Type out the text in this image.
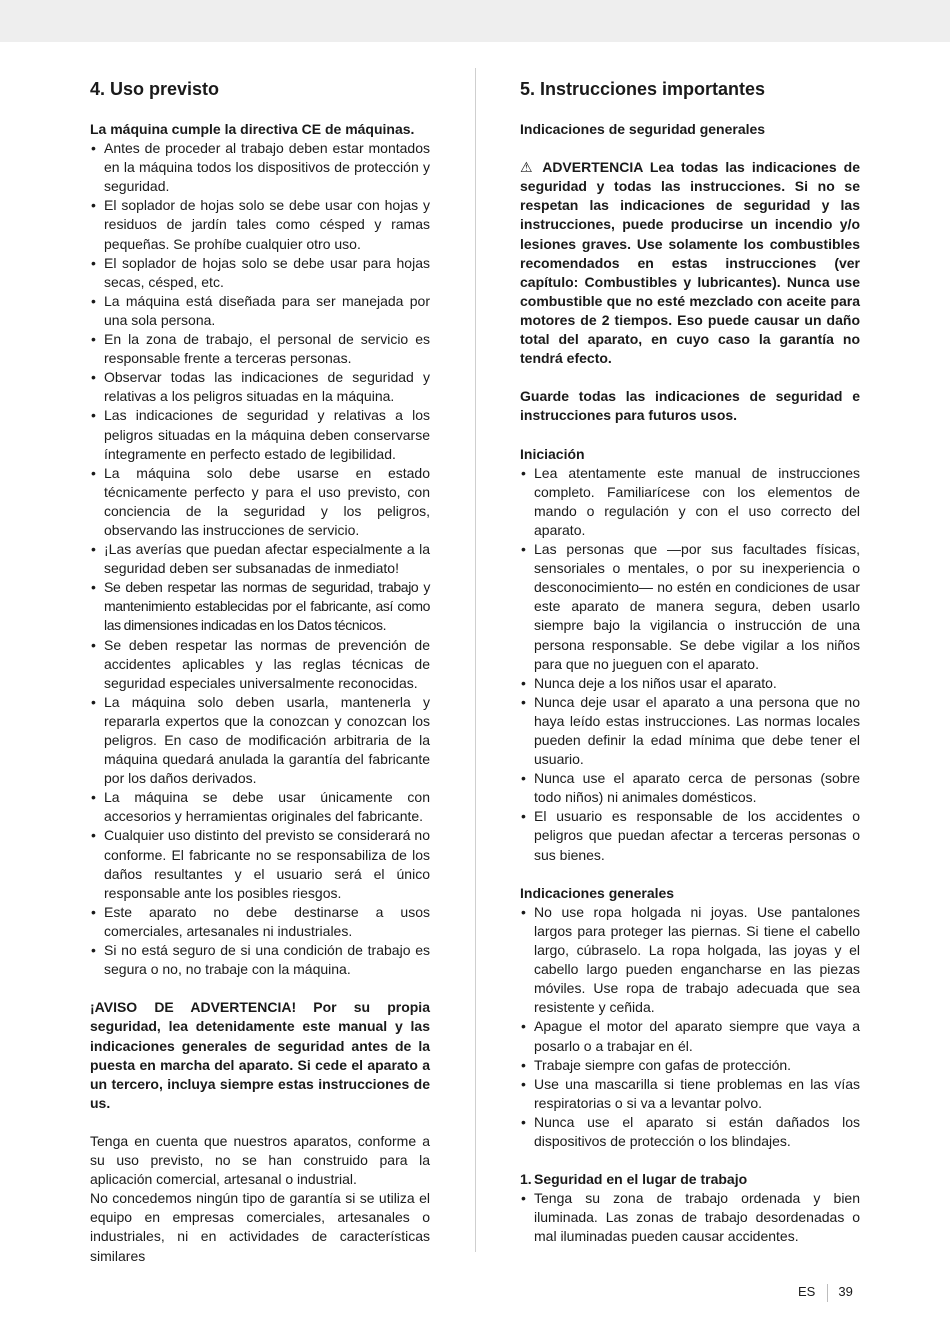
4. Uso previsto

La máquina cumple la directiva CE de máquinas.

• Antes de proceder al trabajo deben estar montados en la máquina todos los dispositivos de protección y seguridad.
• El soplador de hojas solo se debe usar con hojas y residuos de jardín tales como césped y ramas pequeñas. Se prohíbe cualquier otro uso.
• El soplador de hojas solo se debe usar para hojas secas, césped, etc.
• La máquina está diseñada para ser manejada por una sola persona.
• En la zona de trabajo, el personal de servicio es responsable frente a terceras personas.
• Observar todas las indicaciones de seguridad y relativas a los peligros situadas en la máquina.
• Las indicaciones de seguridad y relativas a los peligros situadas en la máquina deben conservarse íntegramente en perfecto estado de legibilidad.
• La máquina solo debe usarse en estado técnicamente perfecto y para el uso previsto, con conciencia de la seguridad y los peligros, observando las instrucciones de servicio.
• ¡Las averías que puedan afectar especialmente a la seguridad deben ser subsanadas de inmediato!
• Se deben respetar las normas de seguridad, trabajo y mantenimiento establecidas por el fabricante, así como las dimensiones indicadas en los Datos técnicos.
• Se deben respetar las normas de prevención de accidentes aplicables y las reglas técnicas de seguridad especiales universalmente reconocidas.
• La máquina solo deben usarla, mantenerla y repararla expertos que la conozcan y conozcan los peligros. En caso de modificación arbitraria de la máquina quedará anulada la garantía del fabricante por los daños derivados.
• La máquina se debe usar únicamente con accesorios y herramientas originales del fabricante.
• Cualquier uso distinto del previsto se considerará no conforme. El fabricante no se responsabiliza de los daños resultantes y el usuario será el único responsable ante los posibles riesgos.
• Este aparato no debe destinarse a usos comerciales, artesanales ni industriales.
• Si no está seguro de si una condición de trabajo es segura o no, no trabaje con la máquina.

¡AVISO DE ADVERTENCIA! Por su propia seguridad, lea detenidamente este manual y las indicaciones generales de seguridad antes de la puesta en marcha del aparato. Si cede el aparato a un tercero, incluya siempre estas instrucciones de us.

Tenga en cuenta que nuestros aparatos, conforme a su uso previsto, no se han construido para la aplicación comercial, artesanal o industrial.

No concedemos ningún tipo de garantía si se utiliza el equipo en empresas comerciales, artesanales o industriales, ni en actividades de características similares

5. Instrucciones importantes

Indicaciones de seguridad generales

⚠ ADVERTENCIA Lea todas las indicaciones de seguridad y todas las instrucciones. Si no se respetan las indicaciones de seguridad y las instrucciones, puede producirse un incendio y/o lesiones graves. Use solamente los combustibles recomendados en estas instrucciones (ver capítulo: Combustibles y lubricantes). Nunca use combustible que no esté mezclado con aceite para motores de 2 tiempos. Eso puede causar un daño total del aparato, en cuyo caso la garantía no tendrá efecto.

Guarde todas las indicaciones de seguridad e instrucciones para futuros usos.

Iniciación

• Lea atentamente este manual de instrucciones completo. Familiarícese con los elementos de mando o regulación y con el uso correcto del aparato.
• Las personas que —por sus facultades físicas, sensoriales o mentales, o por su inexperiencia o desconocimiento— no estén en condiciones de usar este aparato de manera segura, deben usarlo siempre bajo la vigilancia o instrucción de una persona responsable. Se debe vigilar a los niños para que no jueguen con el aparato.
• Nunca deje a los niños usar el aparato.
• Nunca deje usar el aparato a una persona que no haya leído estas instrucciones. Las normas locales pueden definir la edad mínima que debe tener el usuario.
• Nunca use el aparato cerca de personas (sobre todo niños) ni animales domésticos.
• El usuario es responsable de los accidentes o peligros que puedan afectar a terceras personas o sus bienes.

Indicaciones generales

• No use ropa holgada ni joyas. Use pantalones largos para proteger las piernas. Si tiene el cabello largo, cúbraselo. La ropa holgada, las joyas y el cabello largo pueden engancharse en las piezas móviles. Use ropa de trabajo adecuada que sea resistente y ceñida.
• Apague el motor del aparato siempre que vaya a posarlo o a trabajar en él.
• Trabaje siempre con gafas de protección.
• Use una mascarilla si tiene problemas en las vías respiratorias o si va a levantar polvo.
• Nunca use el aparato si están dañados los dispositivos de protección o los blindajes.

1. Seguridad en el lugar de trabajo

• Tenga su zona de trabajo ordenada y bien iluminada. Las zonas de trabajo desordenadas o mal iluminadas pueden causar accidentes.
ES 39
